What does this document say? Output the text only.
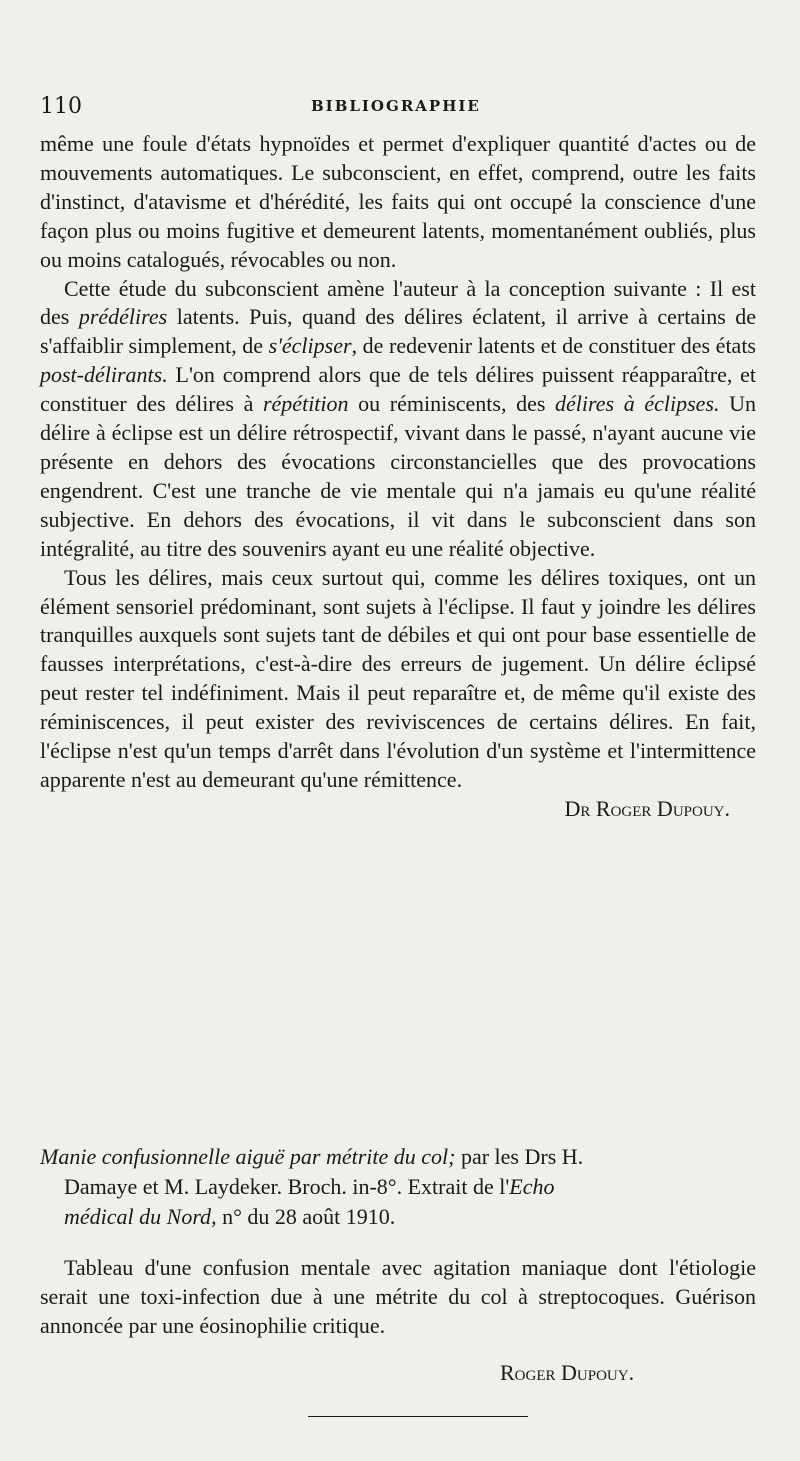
110	BIBLIOGRAPHIE

même une foule d'états hypnoïdes et permet d'expliquer quantité d'actes ou de mouvements automatiques. Le subconscient, en effet, comprend, outre les faits d'instinct, d'atavisme et d'hérédité, les faits qui ont occupé la conscience d'une façon plus ou moins fugitive et demeurent latents, momentanément oubliés, plus ou moins catalogués, révocables ou non.

Cette étude du subconscient amène l'auteur à la conception suivante : Il est des prédélires latents. Puis, quand des délires éclatent, il arrive à certains de s'affaiblir simplement, de s'éclipser, de redevenir latents et de constituer des états post-délirants. L'on comprend alors que de tels délires puissent réapparaître, et constituer des délires à répétition ou réminiscents, des délires à éclipses. Un délire à éclipse est un délire rétrospectif, vivant dans le passé, n'ayant aucune vie présente en dehors des évocations circonstancielles que des provocations engendrent. C'est une tranche de vie mentale qui n'a jamais eu qu'une réalité subjective. En dehors des évocations, il vit dans le subconscient dans son intégralité, au titre des souvenirs ayant eu une réalité objective.

Tous les délires, mais ceux surtout qui, comme les délires toxiques, ont un élément sensoriel prédominant, sont sujets à l'éclipse. Il faut y joindre les délires tranquilles auxquels sont sujets tant de débiles et qui ont pour base essentielle de fausses interprétations, c'est-à-dire des erreurs de jugement. Un délire éclipsé peut rester tel indéfiniment. Mais il peut reparaître et, de même qu'il existe des réminiscences, il peut exister des reviviscences de certains délires. En fait, l'éclipse n'est qu'un temps d'arrêt dans l'évolution d'un système et l'intermittence apparente n'est au demeurant qu'une rémittence.

Dr Roger Dupouy.

Manie confusionnelle aiguë par métrite du col; par les Drs H.
Damaye et M. Laydeker. Broch. in-8°. Extrait de l'Echo
médical du Nord, n° du 28 août 1910.

Tableau d'une confusion mentale avec agitation maniaque dont l'étiologie serait une toxi-infection due à une métrite du col à streptocoques. Guérison annoncée par une éosinophilie critique.

Roger Dupouy.
